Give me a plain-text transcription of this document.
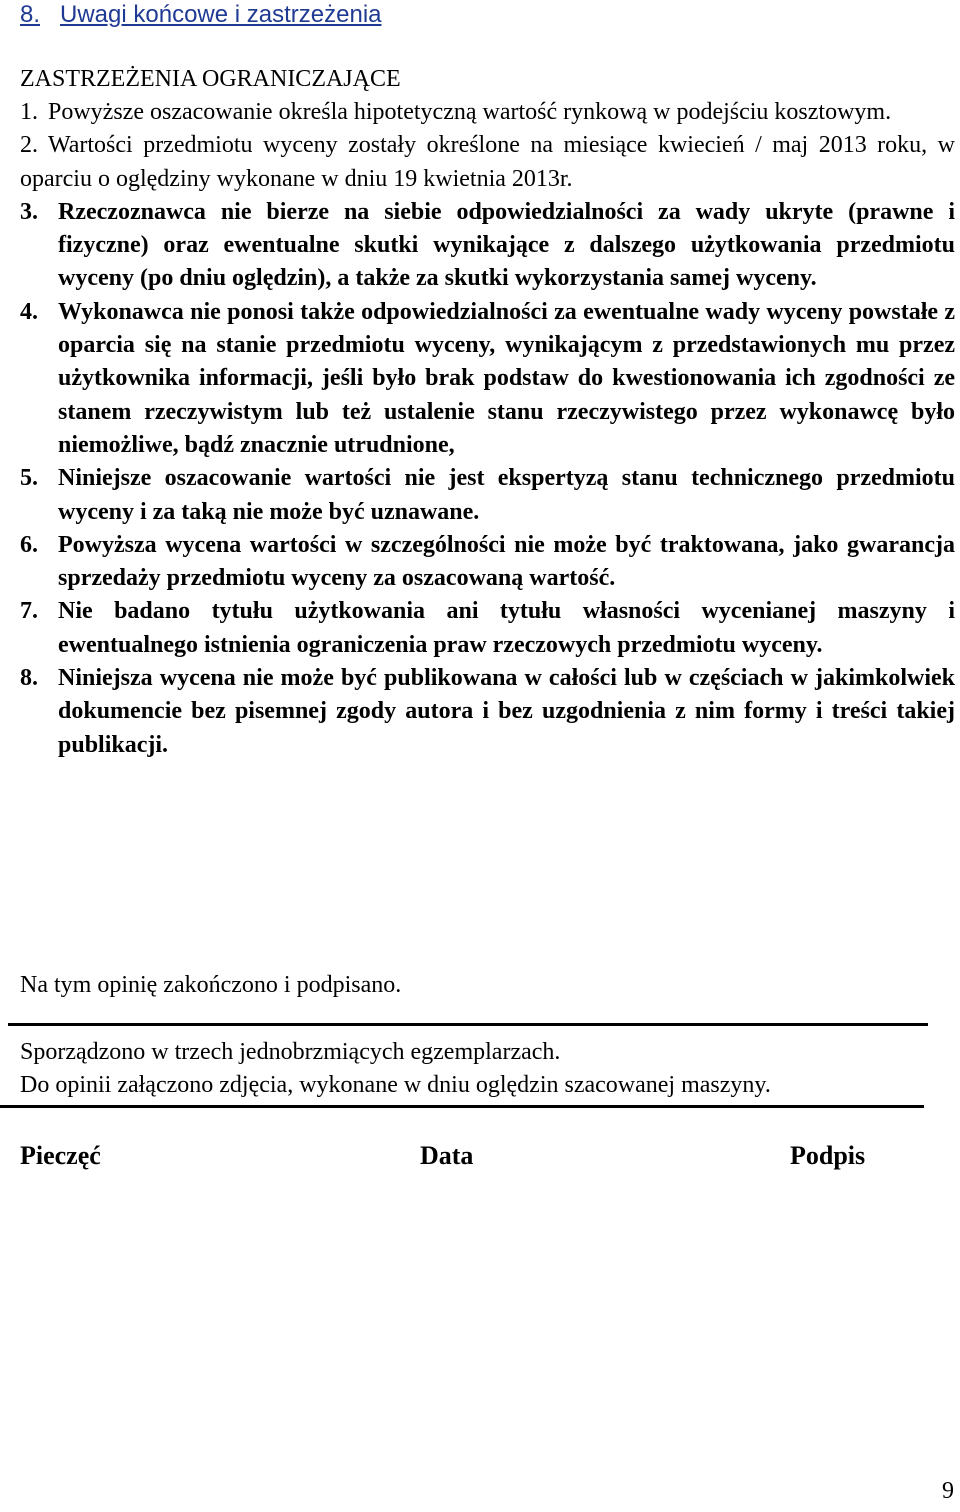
8. Uwagi końcowe i zastrzeżenia
ZASTRZEŻENIA OGRANICZAJĄCE
1. Powyższe oszacowanie określa hipotetyczną wartość rynkową w podejściu kosztowym.
2. Wartości przedmiotu wyceny zostały określone na miesiące kwiecień / maj 2013 roku, w oparciu o oględziny wykonane w dniu 19 kwietnia 2013r.
3. Rzeczoznawca nie bierze na siebie odpowiedzialności za wady ukryte (prawne i fizyczne) oraz ewentualne skutki wynikające z dalszego użytkowania przedmiotu wyceny (po dniu oględzin), a także za skutki wykorzystania samej wyceny.
4. Wykonawca nie ponosi także odpowiedzialności za ewentualne wady wyceny powstałe z oparcia się na stanie przedmiotu wyceny, wynikającym z przedstawionych mu przez użytkownika informacji, jeśli było brak podstaw do kwestionowania ich zgodności ze stanem rzeczywistym lub też ustalenie stanu rzeczywistego przez wykonawcę było niemożliwe, bądź znacznie utrudnione,
5. Niniejsze oszacowanie wartości nie jest ekspertyzą stanu technicznego przedmiotu wyceny i za taką nie może być uznawane.
6. Powyższa wycena wartości w szczególności nie może być traktowana, jako gwarancja sprzedaży przedmiotu wyceny za oszacowaną wartość.
7. Nie badano tytułu użytkowania ani tytułu własności wycenianej maszyny i ewentualnego istnienia ograniczenia praw rzeczowych przedmiotu wyceny.
8. Niniejsza wycena nie może być publikowana w całości lub w częściach w jakimkolwiek dokumencie bez pisemnej zgody autora i bez uzgodnienia z nim formy i treści takiej publikacji.
Na tym opinię zakończono i podpisano.
Sporządzono w trzech jednobrzmiących egzemplarzach.
Do opinii załączono zdjęcia, wykonane w dniu oględzin szacowanej maszyny.
Pieczęć	Data	Podpis
9
